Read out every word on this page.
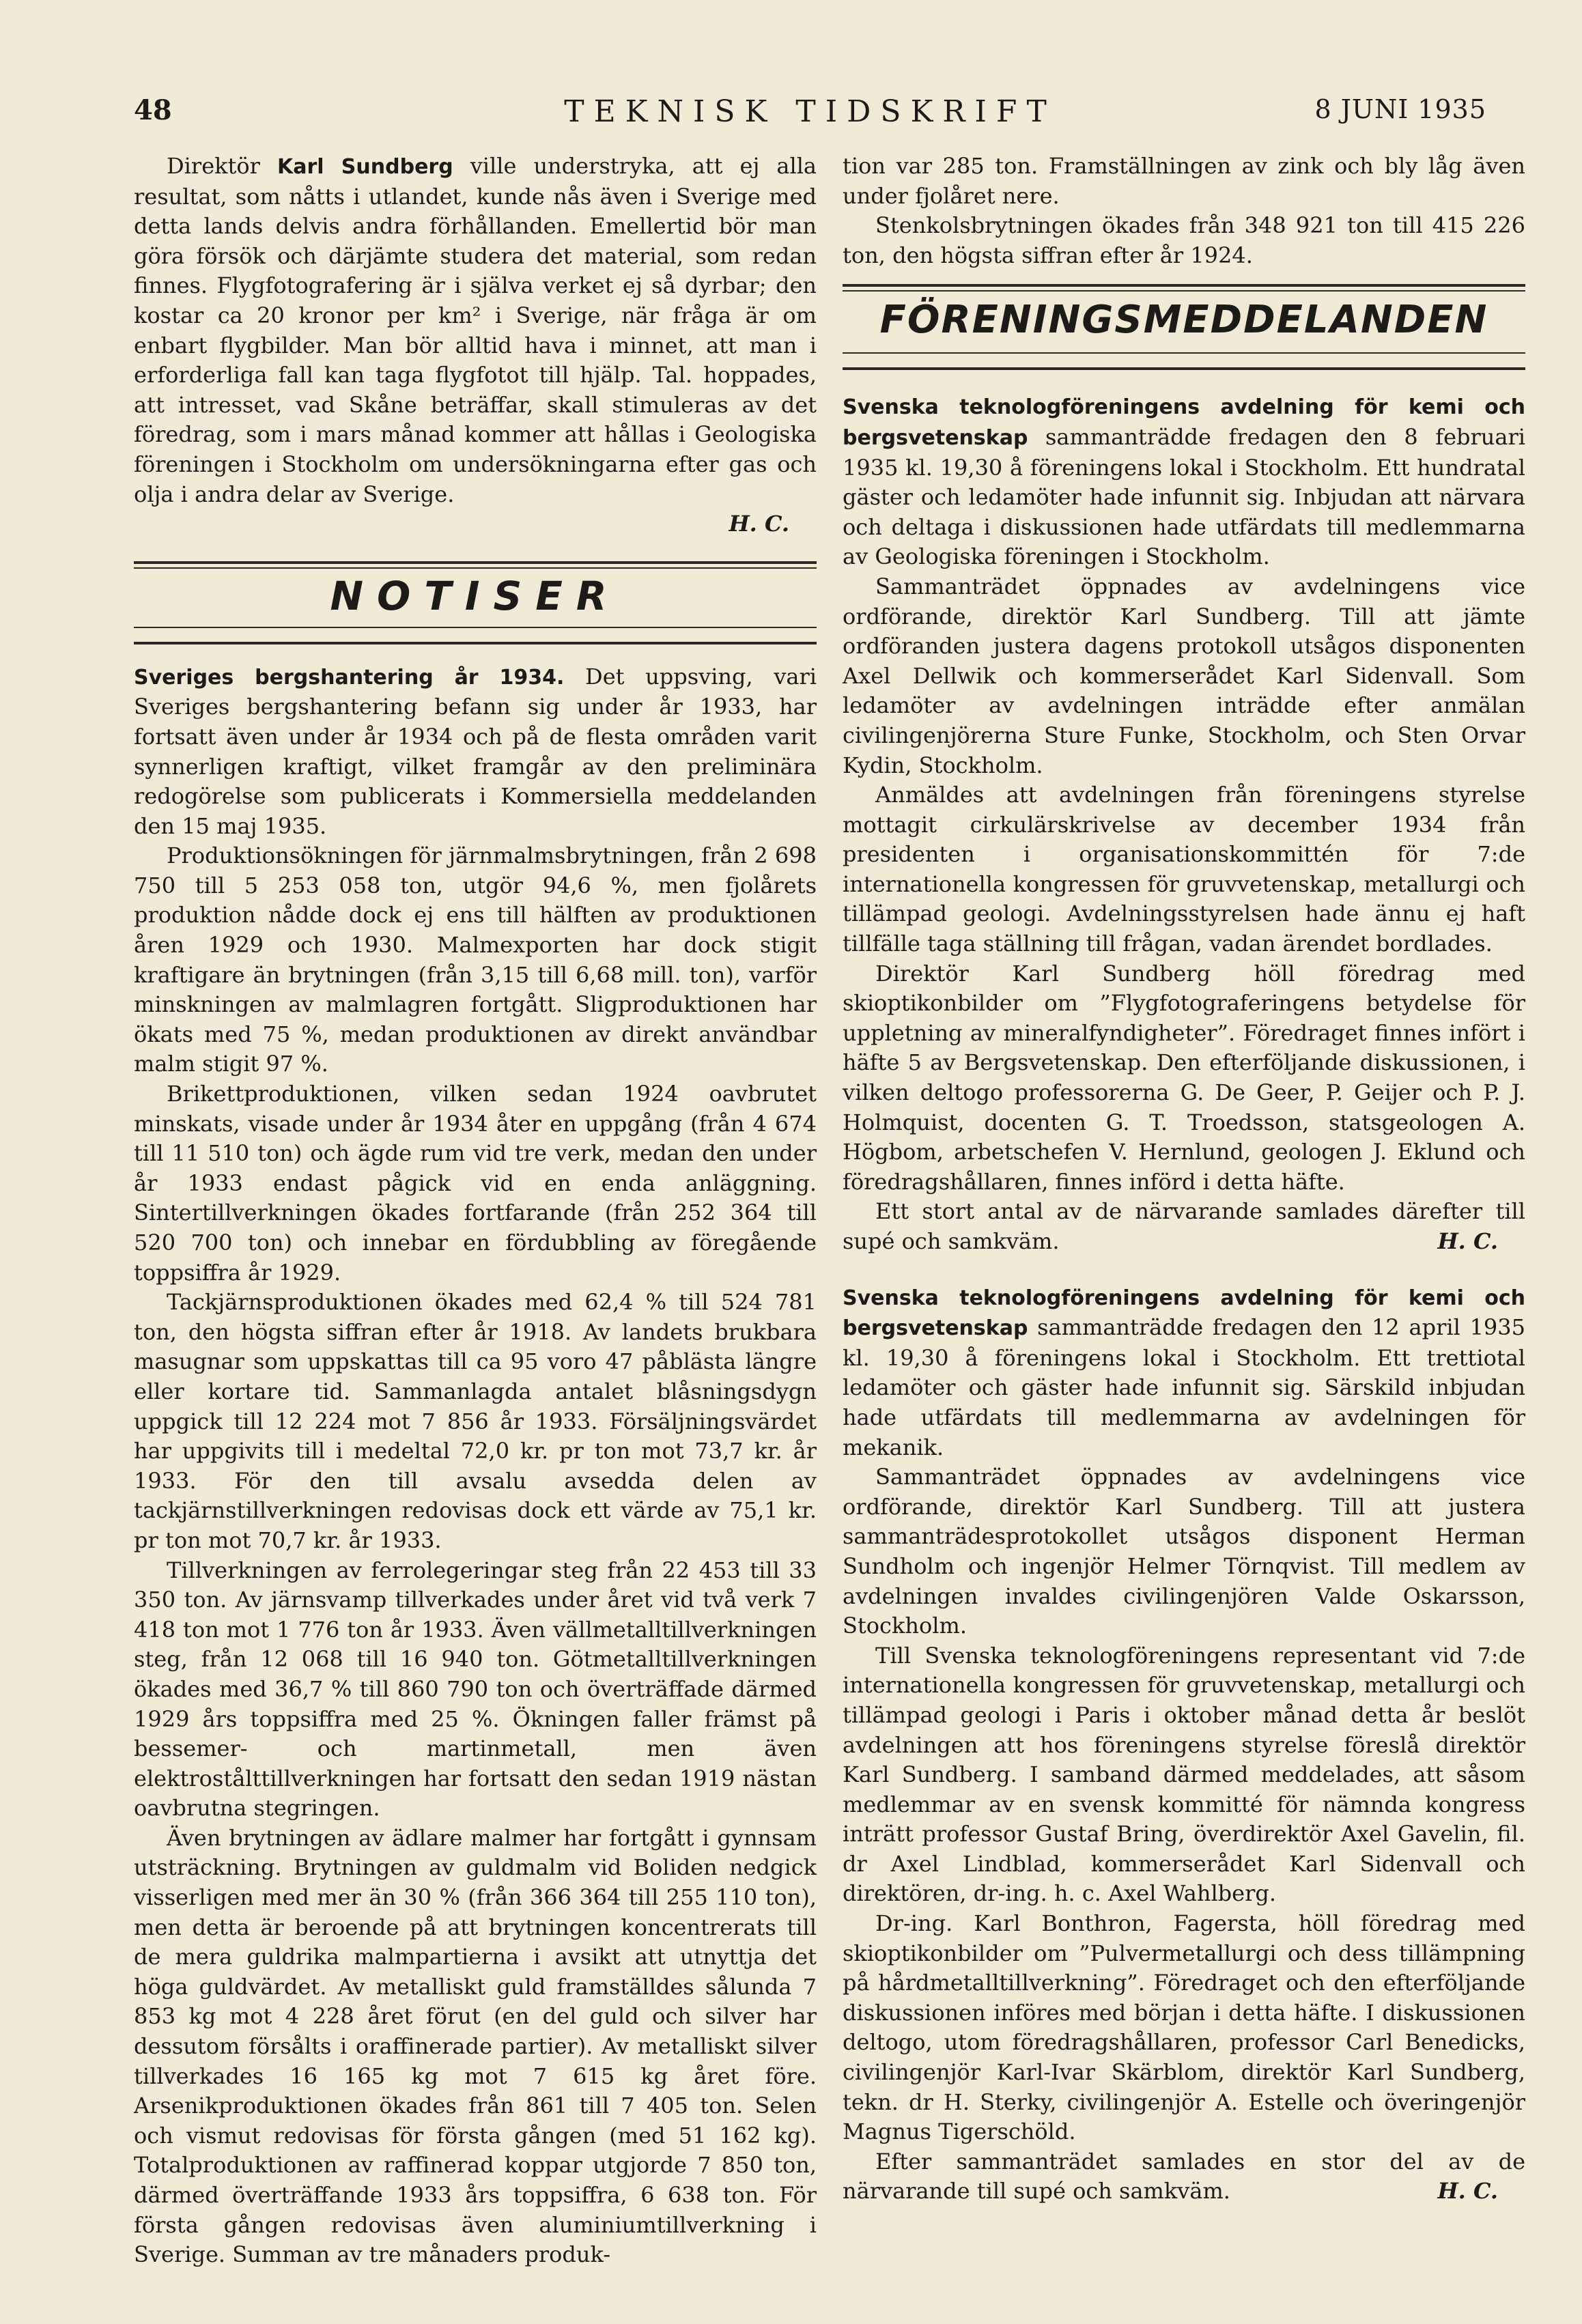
48	TEKNISK TIDSKRIFT	8 JUNI 1935

Direktör Karl Sundberg ville understryka, att ej alla resultat, som nåtts i utlandet, kunde nås även i Sverige med detta lands delvis andra förhållanden. Emellertid bör man göra försök och därjämte studera det material, som redan finnes. Flygfotografering är i själva verket ej så dyrbar; den kostar ca 20 kronor per km² i Sverige, när fråga är om enbart flygbilder. Man bör alltid hava i minnet, att man i erforderliga fall kan taga flygfotot till hjälp. Tal. hoppades, att intresset, vad Skåne beträffar, skall stimuleras av det föredrag, som i mars månad kommer att hållas i Geologiska föreningen i Stockholm om undersökningarna efter gas och olja i andra delar av Sverige.

H. C.

NOTISER

Sveriges bergshantering år 1934. Det uppsving, vari Sveriges bergshantering befann sig under år 1933, har fortsatt även under år 1934 och på de flesta områden varit synnerligen kraftigt, vilket framgår av den preliminära redogörelse som publicerats i Kommersiella meddelanden den 15 maj 1935.

Produktionsökningen för järnmalmsbrytningen, från 2 698 750 till 5 253 058 ton, utgör 94,6 %, men fjolårets produktion nådde dock ej ens till hälften av produktionen åren 1929 och 1930. Malmexporten har dock stigit kraftigare än brytningen (från 3,15 till 6,68 mill. ton), varför minskningen av malmlagren fortgått. Sligproduktionen har ökats med 75 %, medan produktionen av direkt användbar malm stigit 97 %.

Brikettproduktionen, vilken sedan 1924 oavbrutet minskats, visade under år 1934 åter en uppgång (från 4 674 till 11 510 ton) och ägde rum vid tre verk, medan den under år 1933 endast pågick vid en enda anläggning. Sintertillverkningen ökades fortfarande (från 252 364 till 520 700 ton) och innebar en fördubbling av föregående toppsiffra år 1929.

Tackjärnsproduktionen ökades med 62,4 % till 524 781 ton, den högsta siffran efter år 1918. Av landets brukbara masugnar som uppskattas till ca 95 voro 47 påblästa längre eller kortare tid. Sammanlagda antalet blåsningsdygn uppgick till 12 224 mot 7 856 år 1933. Försäljningsvärdet har uppgivits till i medeltal 72,0 kr. pr ton mot 73,7 kr. år 1933. För den till avsalu avsedda delen av tackjärnstillverkningen redovisas dock ett värde av 75,1 kr. pr ton mot 70,7 kr. år 1933.

Tillverkningen av ferrolegeringar steg från 22 453 till 33 350 ton. Av järnsvamp tillverkades under året vid två verk 7 418 ton mot 1 776 ton år 1933. Även vällmetalltillverkningen steg, från 12 068 till 16 940 ton. Götmetalltillverkningen ökades med 36,7 % till 860 790 ton och överträffade därmed 1929 års toppsiffra med 25 %. Ökningen faller främst på bessemer- och martinmetall, men även elektrostålttillverkningen har fortsatt den sedan 1919 nästan oavbrutna stegringen.

Även brytningen av ädlare malmer har fortgått i gynnsam utsträckning. Brytningen av guldmalm vid Boliden nedgick visserligen med mer än 30 % (från 366 364 till 255 110 ton), men detta är beroende på att brytningen koncentrerats till de mera guldrika malmpartierna i avsikt att utnyttja det höga guldvärdet. Av metalliskt guld framställdes sålunda 7 853 kg mot 4 228 året förut (en del guld och silver har dessutom försålts i oraffinerade partier). Av metalliskt silver tillverkades 16 165 kg mot 7 615 kg året före. Arsenikproduktionen ökades från 861 till 7 405 ton. Selen och vismut redovisas för första gången (med 51 162 kg). Totalproduktionen av raffinerad koppar utgjorde 7 850 ton, därmed överträffande 1933 års toppsiffra, 6 638 ton. För första gången redovisas även aluminiumtillverkning i Sverige. Summan av tre månaders produk-

tion var 285 ton. Framställningen av zink och bly låg även under fjolåret nere.

Stenkolsbrytningen ökades från 348 921 ton till 415 226 ton, den högsta siffran efter år 1924.

FÖRENINGSMEDDELANDEN

Svenska teknologföreningens avdelning för kemi och bergsvetenskap sammanträdde fredagen den 8 februari 1935 kl. 19,30 å föreningens lokal i Stockholm. Ett hundratal gäster och ledamöter hade infunnit sig. Inbjudan att närvara och deltaga i diskussionen hade utfärdats till medlemmarna av Geologiska föreningen i Stockholm.

Sammanträdet öppnades av avdelningens vice ordförande, direktör Karl Sundberg. Till att jämte ordföranden justera dagens protokoll utsågos disponenten Axel Dellwik och kommerserådet Karl Sidenvall. Som ledamöter av avdelningen inträdde efter anmälan civilingenjörerna Sture Funke, Stockholm, och Sten Orvar Kydin, Stockholm.

Anmäldes att avdelningen från föreningens styrelse mottagit cirkulärskrivelse av december 1934 från presidenten i organisationskommittén för 7:de internationella kongressen för gruvvetenskap, metallurgi och tillämpad geologi. Avdelningsstyrelsen hade ännu ej haft tillfälle taga ställning till frågan, vadan ärendet bordlades.

Direktör Karl Sundberg höll föredrag med skioptikonbilder om ”Flygfotograferingens betydelse för uppletning av mineralfyndigheter”. Föredraget finnes infört i häfte 5 av Bergsvetenskap. Den efterföljande diskussionen, i vilken deltogo professorerna G. De Geer, P. Geijer och P. J. Holmquist, docenten G. T. Troedsson, statsgeologen A. Högbom, arbetschefen V. Hernlund, geologen J. Eklund och föredragshållaren, finnes införd i detta häfte.

Ett stort antal av de närvarande samlades därefter till supé och samkväm.	H. C.

Svenska teknologföreningens avdelning för kemi och bergsvetenskap sammanträdde fredagen den 12 april 1935 kl. 19,30 å föreningens lokal i Stockholm. Ett trettiotal ledamöter och gäster hade infunnit sig. Särskild inbjudan hade utfärdats till medlemmarna av avdelningen för mekanik.

Sammanträdet öppnades av avdelningens vice ordförande, direktör Karl Sundberg. Till att justera sammanträdesprotokollet utsågos disponent Herman Sundholm och ingenjör Helmer Törnqvist. Till medlem av avdelningen invaldes civilingenjören Valde Oskarsson, Stockholm.

Till Svenska teknologföreningens representant vid 7:de internationella kongressen för gruvvetenskap, metallurgi och tillämpad geologi i Paris i oktober månad detta år beslöt avdelningen att hos föreningens styrelse föreslå direktör Karl Sundberg. I samband därmed meddelades, att såsom medlemmar av en svensk kommitté för nämnda kongress inträtt professor Gustaf Bring, överdirektör Axel Gavelin, fil. dr Axel Lindblad, kommerserådet Karl Sidenvall och direktören, dr-ing. h. c. Axel Wahlberg.

Dr-ing. Karl Bonthron, Fagersta, höll föredrag med skioptikonbilder om ”Pulvermetallurgi och dess tillämpning på hårdmetalltillverkning”. Föredraget och den efterföljande diskussionen införes med början i detta häfte. I diskussionen deltogo, utom föredragshållaren, professor Carl Benedicks, civilingenjör Karl-Ivar Skärblom, direktör Karl Sundberg, tekn. dr H. Sterky, civilingenjör A. Estelle och överingenjör Magnus Tigerschöld.

Efter sammanträdet samlades en stor del av de närvarande till supé och samkväm.	H. C.
